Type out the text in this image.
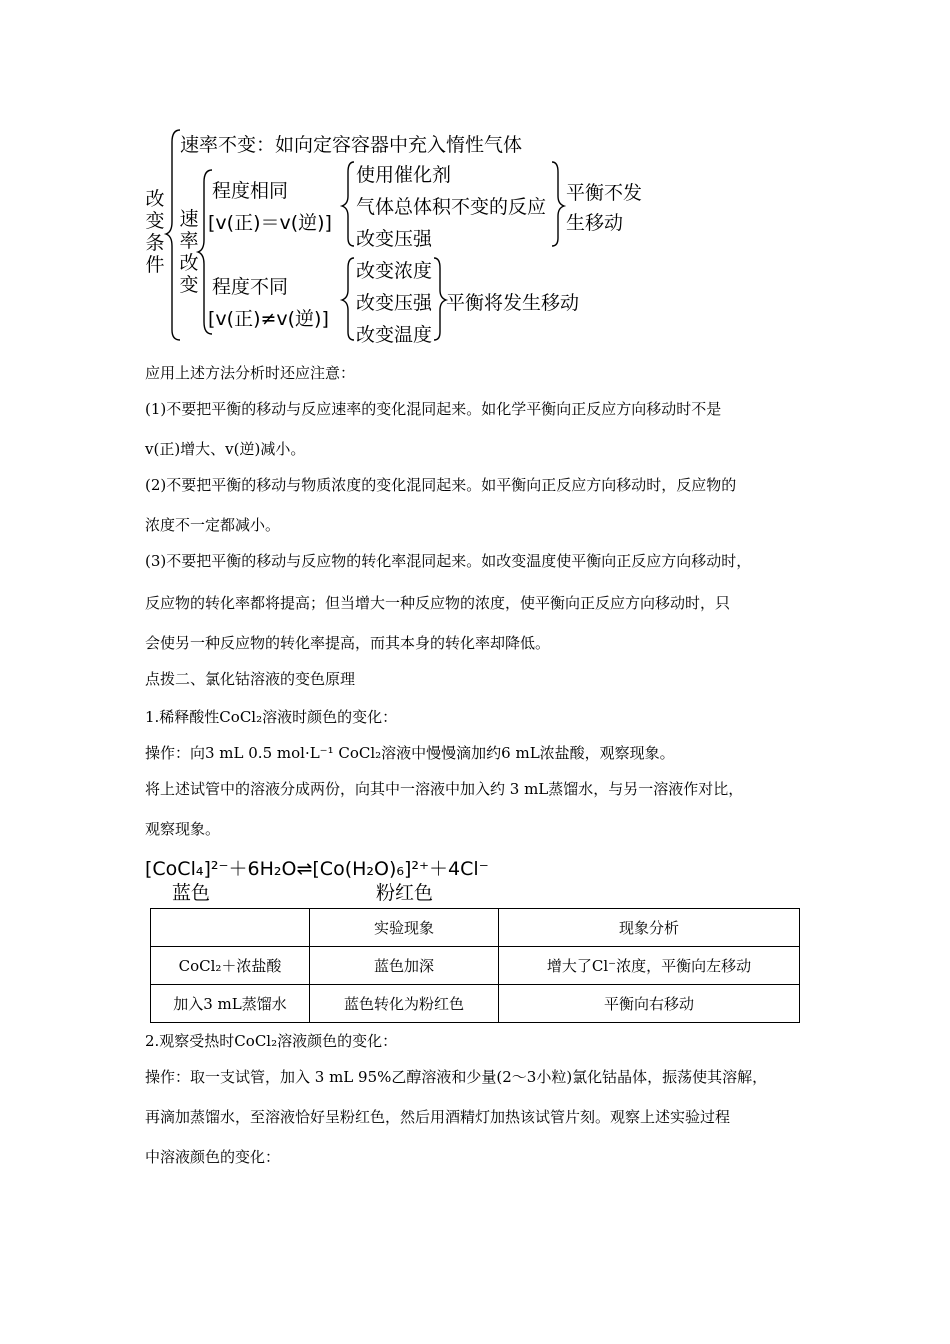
改变条件
速率不变：如向定容容器中充入惰性气体
速率改变
程度相同
[v(正)＝v(逆)]
使用催化剂
气体总体积不变的反应
改变压强
平衡不发
生移动
程度不同
[v(正)≠v(逆)]
改变浓度
改变压强
改变温度
平衡将发生移动
应用上述方法分析时还应注意：
(1)不要把平衡的移动与反应速率的变化混同起来。如化学平衡向正反应方向移动时不是
v(正)增大、v(逆)减小。
(2)不要把平衡的移动与物质浓度的变化混同起来。如平衡向正反应方向移动时，反应物的
浓度不一定都减小。
(3)不要把平衡的移动与反应物的转化率混同起来。如改变温度使平衡向正反应方向移动时，
反应物的转化率都将提高；但当增大一种反应物的浓度，使平衡向正反应方向移动时，只
会使另一种反应物的转化率提高，而其本身的转化率却降低。
点拨二、氯化钴溶液的变色原理
1.稀释酸性CoCl₂溶液时颜色的变化：
操作：向3 mL 0.5 mol·L⁻¹ CoCl₂溶液中慢慢滴加约6 mL浓盐酸，观察现象。
将上述试管中的溶液分成两份，向其中一溶液中加入约 3 mL蒸馏水，与另一溶液作对比，
观察现象。
[CoCl₄]²⁻＋6H₂O⇌[Co(H₂O)₆]²⁺＋4Cl⁻
蓝色	粉红色
	实验现象	现象分析
CoCl₂＋浓盐酸	蓝色加深	增大了Cl⁻浓度，平衡向左移动
加入3 mL蒸馏水	蓝色转化为粉红色	平衡向右移动
2.观察受热时CoCl₂溶液颜色的变化：
操作：取一支试管，加入 3 mL 95%乙醇溶液和少量(2～3小粒)氯化钴晶体，振荡使其溶解，
再滴加蒸馏水，至溶液恰好呈粉红色，然后用酒精灯加热该试管片刻。观察上述实验过程
中溶液颜色的变化：
